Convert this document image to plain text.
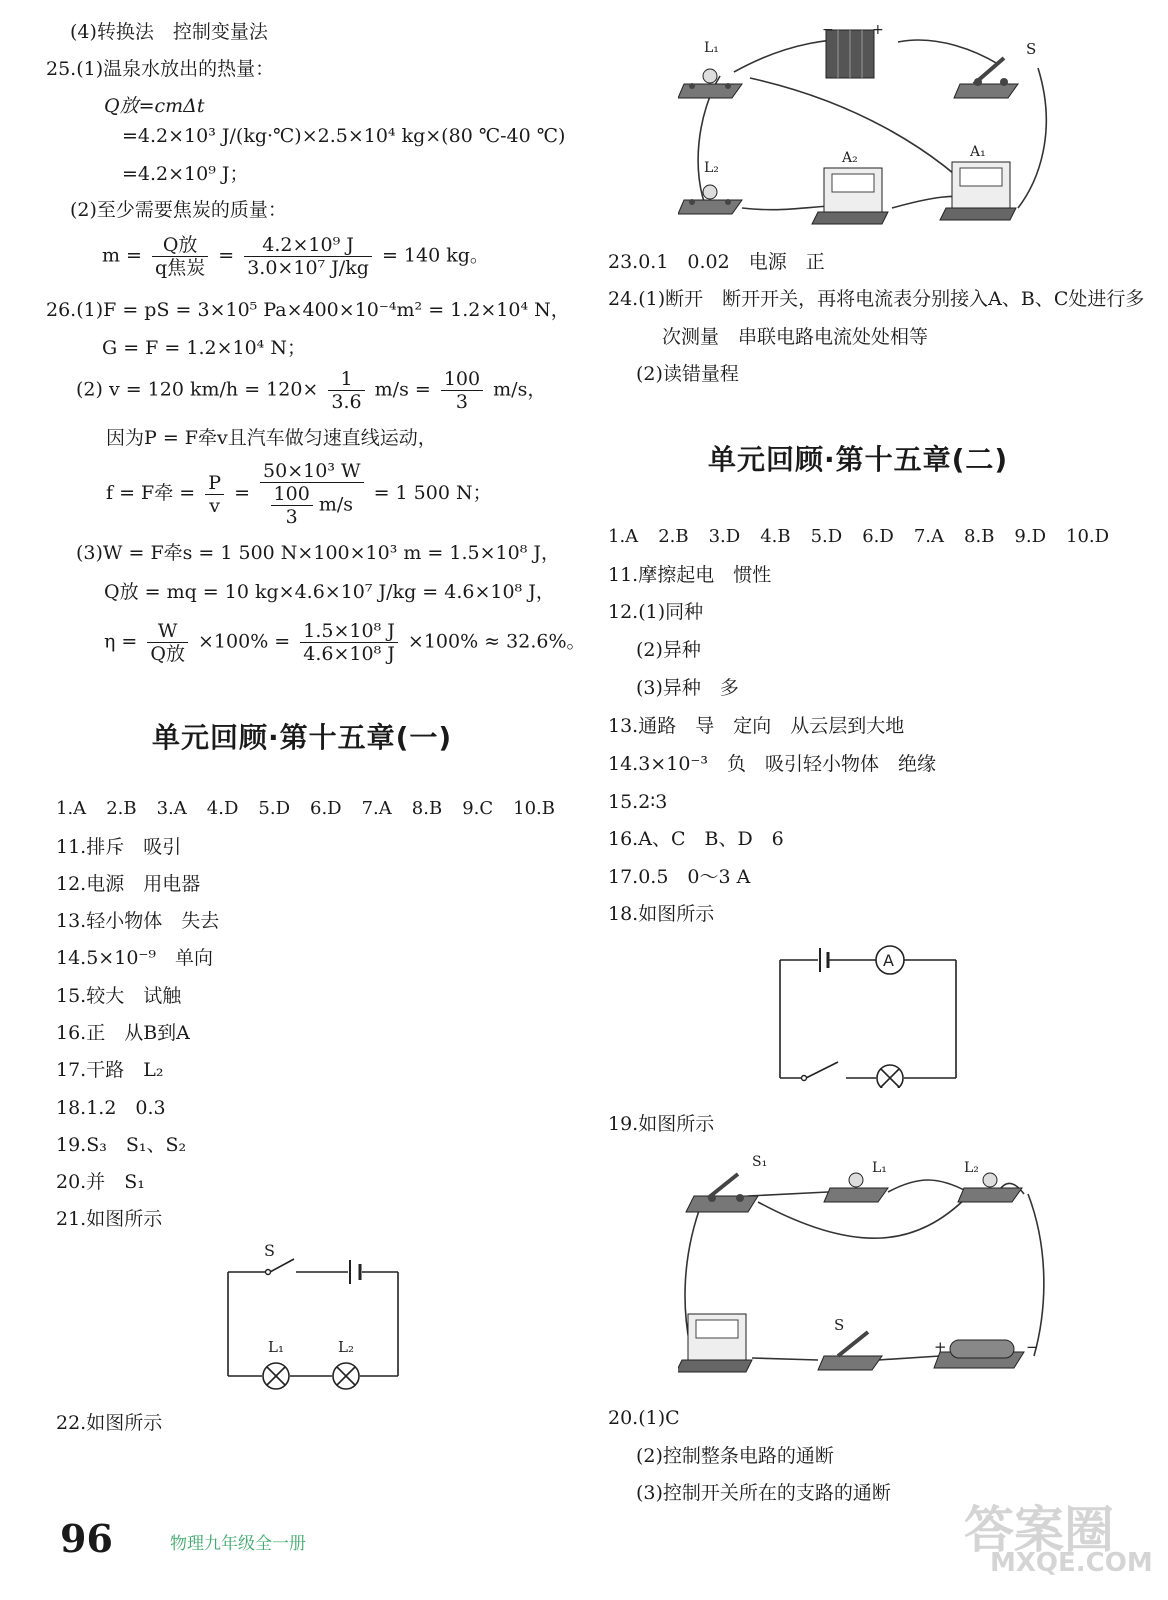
(4)转换法　控制变量法
25.(1)温泉水放出的热量：
Q放=cmΔt
=4.2×10³ J/(kg·℃)×2.5×10⁴ kg×(80 ℃-40 ℃)
=4.2×10⁹ J；
(2)至少需要焦炭的质量：
$m = \frac{\text{Q放}}{\text{q焦炭}} = \frac{\text{4.2×10⁹ J}}{\text{3.0×10⁷ J/kg}} = 140$ kg。
26.(1)F = pS = 3×10⁵ Pa×400×10⁻⁴m² = 1.2×10⁴ N，
G = F = 1.2×10⁴ N；
(2) v = 120 $km/h = 120\times \frac{1}{3.6} m/s = \frac{100}{3} m/s$，
因为P = F牵v且汽车做匀速直线运动，
f = F牵 = $\frac{P}{v} = \frac{\text{50×10³ W}}{\frac{100}{3} m/s} = 1$ 500 N；
(3)W = F牵s = 1 500 N×100×10³ m = 1.5×10⁸ J，
Q放 = mq = 10 kg×4.6×10⁷ J/kg = 4.6×10⁸ J，
$\eta = \frac{W}{\text{Q放}} \times 100\% = \frac{\text{1.5×10⁸ J}}{\text{4.6×10⁸ J}} \times 100\% \approx 32.6\%$。
单元回顾·第十五章(一)
1.A 2.B 3.A 4.D 5.D 6.D 7.A 8.B 9.C 10.B
11.排斥　吸引
12.电源　用电器
13.轻小物体　失去
14.5×10⁻⁹　单向
15.较大　试触
16.正　从B到A
17.干路　L₂
18.1.2　0.3
19.S₃　S₁、S₂
20.并　S₁
21.如图所示
S
L₁	L₂
22.如图所示
96	物理九年级全一册
L₁
L₂
S
A₁
A₂
−	+
23.0.1　0.02　电源　正
24.(1)断开　断开开关，再将电流表分别接入A、B、C处进行多
次测量　串联电路电流处处相等
(2)读错量程
单元回顾·第十五章(二)
1.A 2.B 3.D 4.B 5.D 6.D 7.A 8.B 9.D 10.D
11.摩擦起电　惯性
12.(1)同种
(2)异种
(3)异种　多
13.通路　导　定向　从云层到大地
14.3×10⁻³　负　吸引轻小物体　绝缘
15.2∶3
16.A、C　B、D　6
17.0.5　0～3 A
18.如图所示
A
19.如图所示
S₁	L₁	L₂
S
+	−
20.(1)C
(2)控制整条电路的通断
(3)控制开关所在的支路的通断
答案圈
MXQE.COM
